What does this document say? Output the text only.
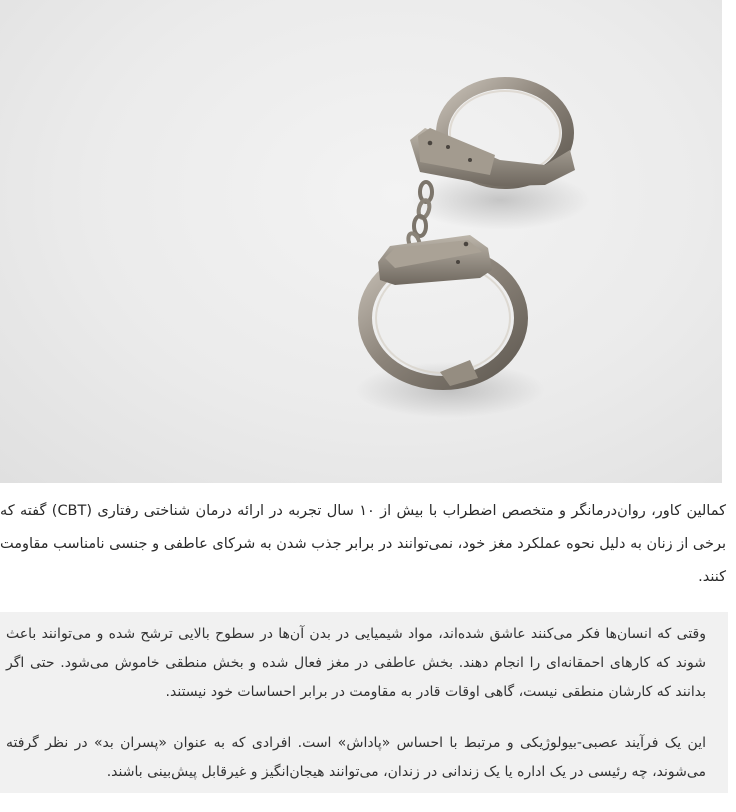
کمالین کاور، روان‌درمانگر و متخصص اضطراب با بیش از ۱۰ سال تجربه در ارائه درمان شناختی رفتاری (CBT) گفته که برخی از زنان به دلیل نحوه عملکرد مغز خود، نمی‌توانند در برابر جذب شدن به شرکای عاطفی و جنسی نامناسب مقاومت کنند.

وقتی که انسان‌ها فکر می‌کنند عاشق شده‌اند، مواد شیمیایی در بدن آن‌ها در سطوح بالایی ترشح شده و می‌توانند باعث شوند که کارهای احمقانه‌ای را انجام دهند. بخش عاطفی در مغز فعال شده و بخش منطقی خاموش می‌شود. حتی اگر بدانند که کارشان منطقی نیست، گاهی اوقات قادر به مقاومت در برابر احساسات خود نیستند.

این یک فرآیند عصبی-بیولوژیکی و مرتبط با احساس «پاداش» است. افرادی که به عنوان «پسران بد» در نظر گرفته می‌شوند، چه رئیسی در یک اداره یا یک زندانی در زندان، می‌توانند هیجان‌انگیز و غیرقابل پیش‌بینی باشند.
